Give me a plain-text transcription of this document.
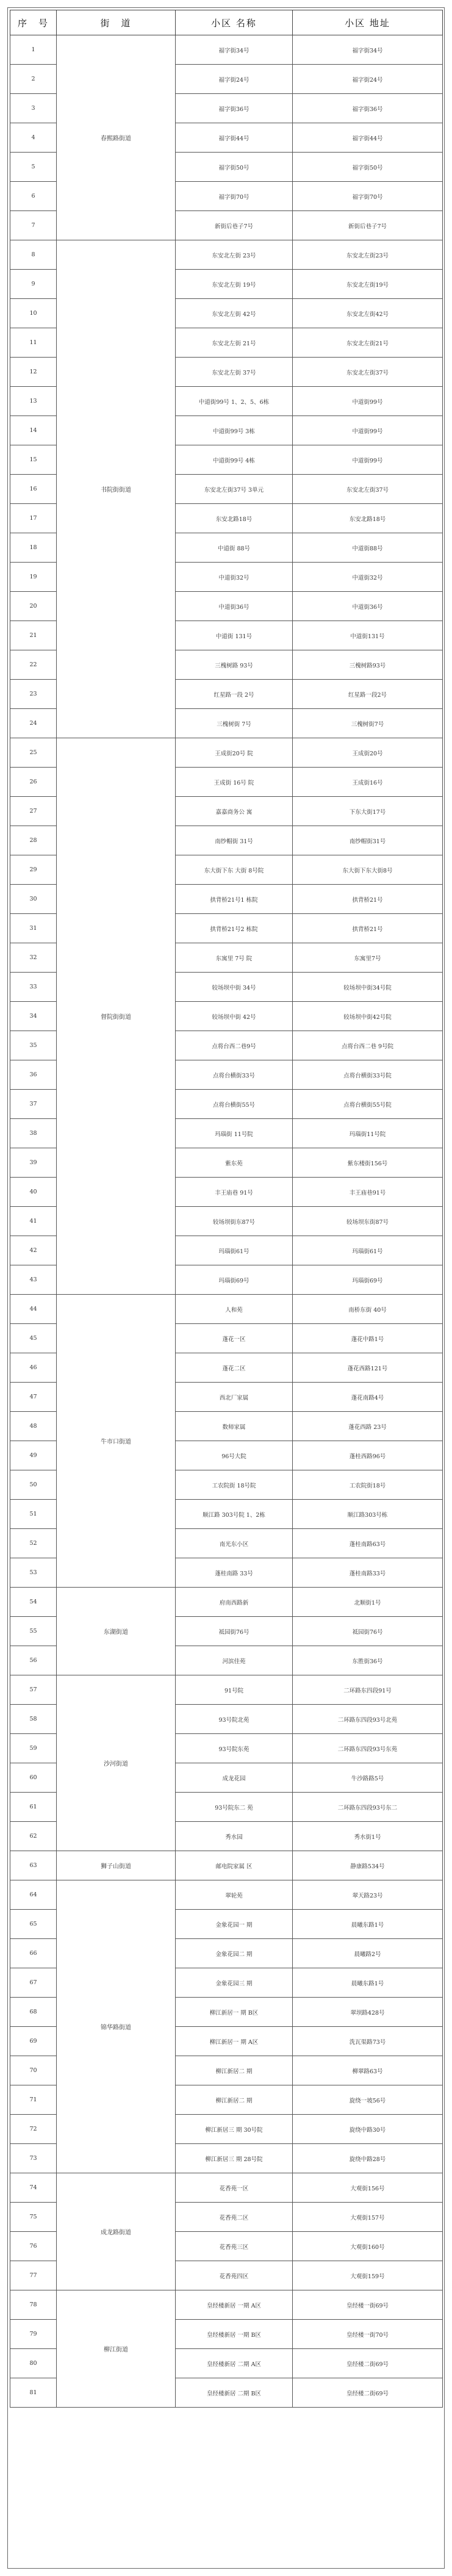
序　号	街　道	小区 名称	小区 地址
1	春熙路街道	福字街34号	福字街34号
2		福字街24号	福字街24号
3		福字街36号	福字街36号
4		福字街44号	福字街44号
5		福字街50号	福字街50号
6		福字街70号	福字街70号
7		新街后巷子7号	新街后巷子7号
8	书院街街道	东安北左街 23号	东安北左街23号
9		东安北左街 19号	东安北左街19号
10		东安北左街 42号	东安北左街42号
11		东安北左街 21号	东安北左街21号
12		东安北左街 37号	东安北左街37号
13		中道街99号 1、2、5、6栋	中道街99号
14		中道街99号 3栋	中道街99号
15		中道街99号 4栋	中道街99号
16		东安北左街37号 3单元	东安北左街37号
17		东安北路18号	东安北路18号
18		中道街 88号	中道街88号
19		中道街32号	中道街32号
20		中道街36号	中道街36号
21		中道街 131号	中道街131号
22		三槐树路 93号	三槐树路93号
23		红星路一段 2号	红星路一段2号
24		三槐树街 7号	三槐树街7号
25	督院街街道	王成街20号 院	王成街20号
26		王成街 16号 院	王成街16号
27		嘉嘉商务公 寓	下东大街17号
28		南纱帽街 31号	南纱帽街31号
29		东大街下东 大街 8号院	东大街下东大街8号
30		拱背桥21号1 栋院	拱背桥21号
31		拱背桥21号2 栋院	拱背桥21号
32		东寓里 7号 院	东寓里7号
33		较场坝中街 34号	较场坝中街34号院
34		较场坝中街 42号	较场坝中街42号院
35		点将台西二巷9号	点将台西二巷 9号院
36		点将台横街33号	点将台横街33号院
37		点将台横街55号	点将台横街55号院
38		玛瑙街 11号院	玛瑙街11号院
39		紫东苑	紫东楼街156号
40		丰王庙巷 91号	丰王庙巷91号
41		较场坝街东87号	较场坝东街87号
42		玛瑙街61号	玛瑙街61号
43		玛瑙街69号	玛瑙街69号
44	牛市口街道	人和苑	南桥东街 40号
45		蓬花一区	蓬花中路1号
46		蓬花二区	蓬花西路121号
47		西北厂家属	蓬花南路4号
48		数师家属	蓬花西路 23号
49		96号大院	蓬桂西路96号
50		工农院街 18号院	工农院街18号
51		顺江路 303号院 1、2栋	顺江路303号栋
52		南光东小区	蓬桂南路63号
53		蓬桂南路 33号	蓬桂南路33号
54	东湖街道	府南西路新	北顺街1号
55		祗园街76号	祗园街76号
56		河滨佳苑	东胜街36号
57	沙河街道	91号院	二环路东四段91号
58		93号院北苑	二环路东四段93号北苑
59		93号院东苑	二环路东四段93号东苑
60		成龙花园	牛沙路路5号
61		93号院东二 苑	二环路东四段93号东二
62		秀水园	秀水街1号
63	狮子山街道	邮电院家属 区	静康路534号
64	锦华路街道	翠轮苑	翠天路23号
65		金象花园一 期	晨曦东路1号
66		金象花园二 期	晨曦路2号
67		金象花园三 期	晨曦东路1号
68		柳江新居一 期 B区	翠坝路428号
69		柳江新居一 期 A区	洗瓦渠路73号
70		柳江新居二 期	柳翠路63号
71		柳江新居二 期	旋绕一坡56号
72		柳江新居三 期 30号院	旋绕中路30号
73		柳江新居三 期 28号院	旋绕中路28号
74	成龙路街道	花香苑一区	大观街156号
75		花香苑二区	大观街157号
76		花香苑三区	大观街160号
77		花香苑四区	大观街159号
78	柳江街道	皇经楼新居 一期 A区	皇经楼一街69号
79		皇经楼新居 一期 B区	皇经楼一街70号
80		皇经楼新居 二期 A区	皇经楼二街69号
81		皇经楼新居 二期 B区	皇经楼二街69号
